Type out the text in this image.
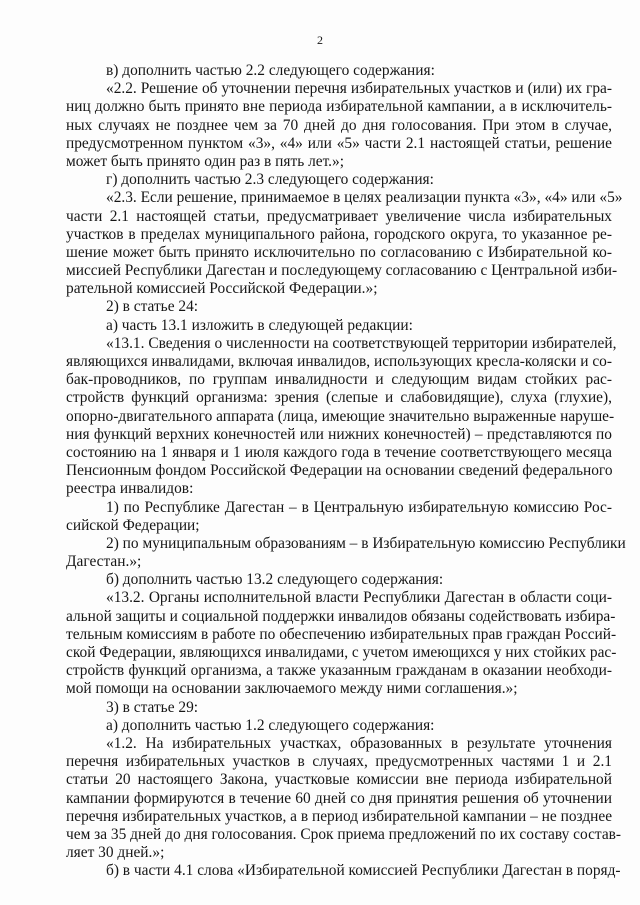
2
в) дополнить частью 2.2 следующего содержания:
«2.2. Решение об уточнении перечня избирательных участков и (или) их гра-
ниц должно быть принято вне периода избирательной кампании, а в исключитель-
ных случаях не позднее чем за 70 дней до дня голосования. При этом в случае,
предусмотренном пунктом «3», «4» или «5» части 2.1 настоящей статьи, решение
может быть принято один раз в пять лет.»;
г) дополнить частью 2.3 следующего содержания:
«2.3. Если решение, принимаемое в целях реализации пункта «3», «4» или «5»
части 2.1 настоящей статьи, предусматривает увеличение числа избирательных
участков в пределах муниципального района, городского округа, то указанное ре-
шение может быть принято исключительно по согласованию с Избирательной ко-
миссией Республики Дагестан и последующему согласованию с Центральной изби-
рательной комиссией Российской Федерации.»;
2) в статье 24:
а) часть 13.1 изложить в следующей редакции:
«13.1. Сведения о численности на соответствующей территории избирателей,
являющихся инвалидами, включая инвалидов, использующих кресла-коляски и со-
бак-проводников, по группам инвалидности и следующим видам стойких рас-
стройств функций организма: зрения (слепые и слабовидящие), слуха (глухие),
опорно-двигательного аппарата (лица, имеющие значительно выраженные наруше-
ния функций верхних конечностей или нижних конечностей) – представляются по
состоянию на 1 января и 1 июля каждого года в течение соответствующего месяца
Пенсионным фондом Российской Федерации на основании сведений федерального
реестра инвалидов:
1) по Республике Дагестан – в Центральную избирательную комиссию Рос-
сийской Федерации;
2) по муниципальным образованиям – в Избирательную комиссию Республики
Дагестан.»;
б) дополнить частью 13.2 следующего содержания:
«13.2. Органы исполнительной власти Республики Дагестан в области соци-
альной защиты и социальной поддержки инвалидов обязаны содействовать избира-
тельным комиссиям в работе по обеспечению избирательных прав граждан Россий-
ской Федерации, являющихся инвалидами, с учетом имеющихся у них стойких рас-
стройств функций организма, а также указанным гражданам в оказании необходи-
мой помощи на основании заключаемого между ними соглашения.»;
3) в статье 29:
а) дополнить частью 1.2 следующего содержания:
«1.2. На избирательных участках, образованных в результате уточнения
перечня избирательных участков в случаях, предусмотренных частями 1 и 2.1
статьи 20 настоящего Закона, участковые комиссии вне периода избирательной
кампании формируются в течение 60 дней со дня принятия решения об уточнении
перечня избирательных участков, а в период избирательной кампании – не позднее
чем за 35 дней до дня голосования. Срок приема предложений по их составу состав-
ляет 30 дней.»;
б) в части 4.1 слова «Избирательной комиссией Республики Дагестан в поряд-
